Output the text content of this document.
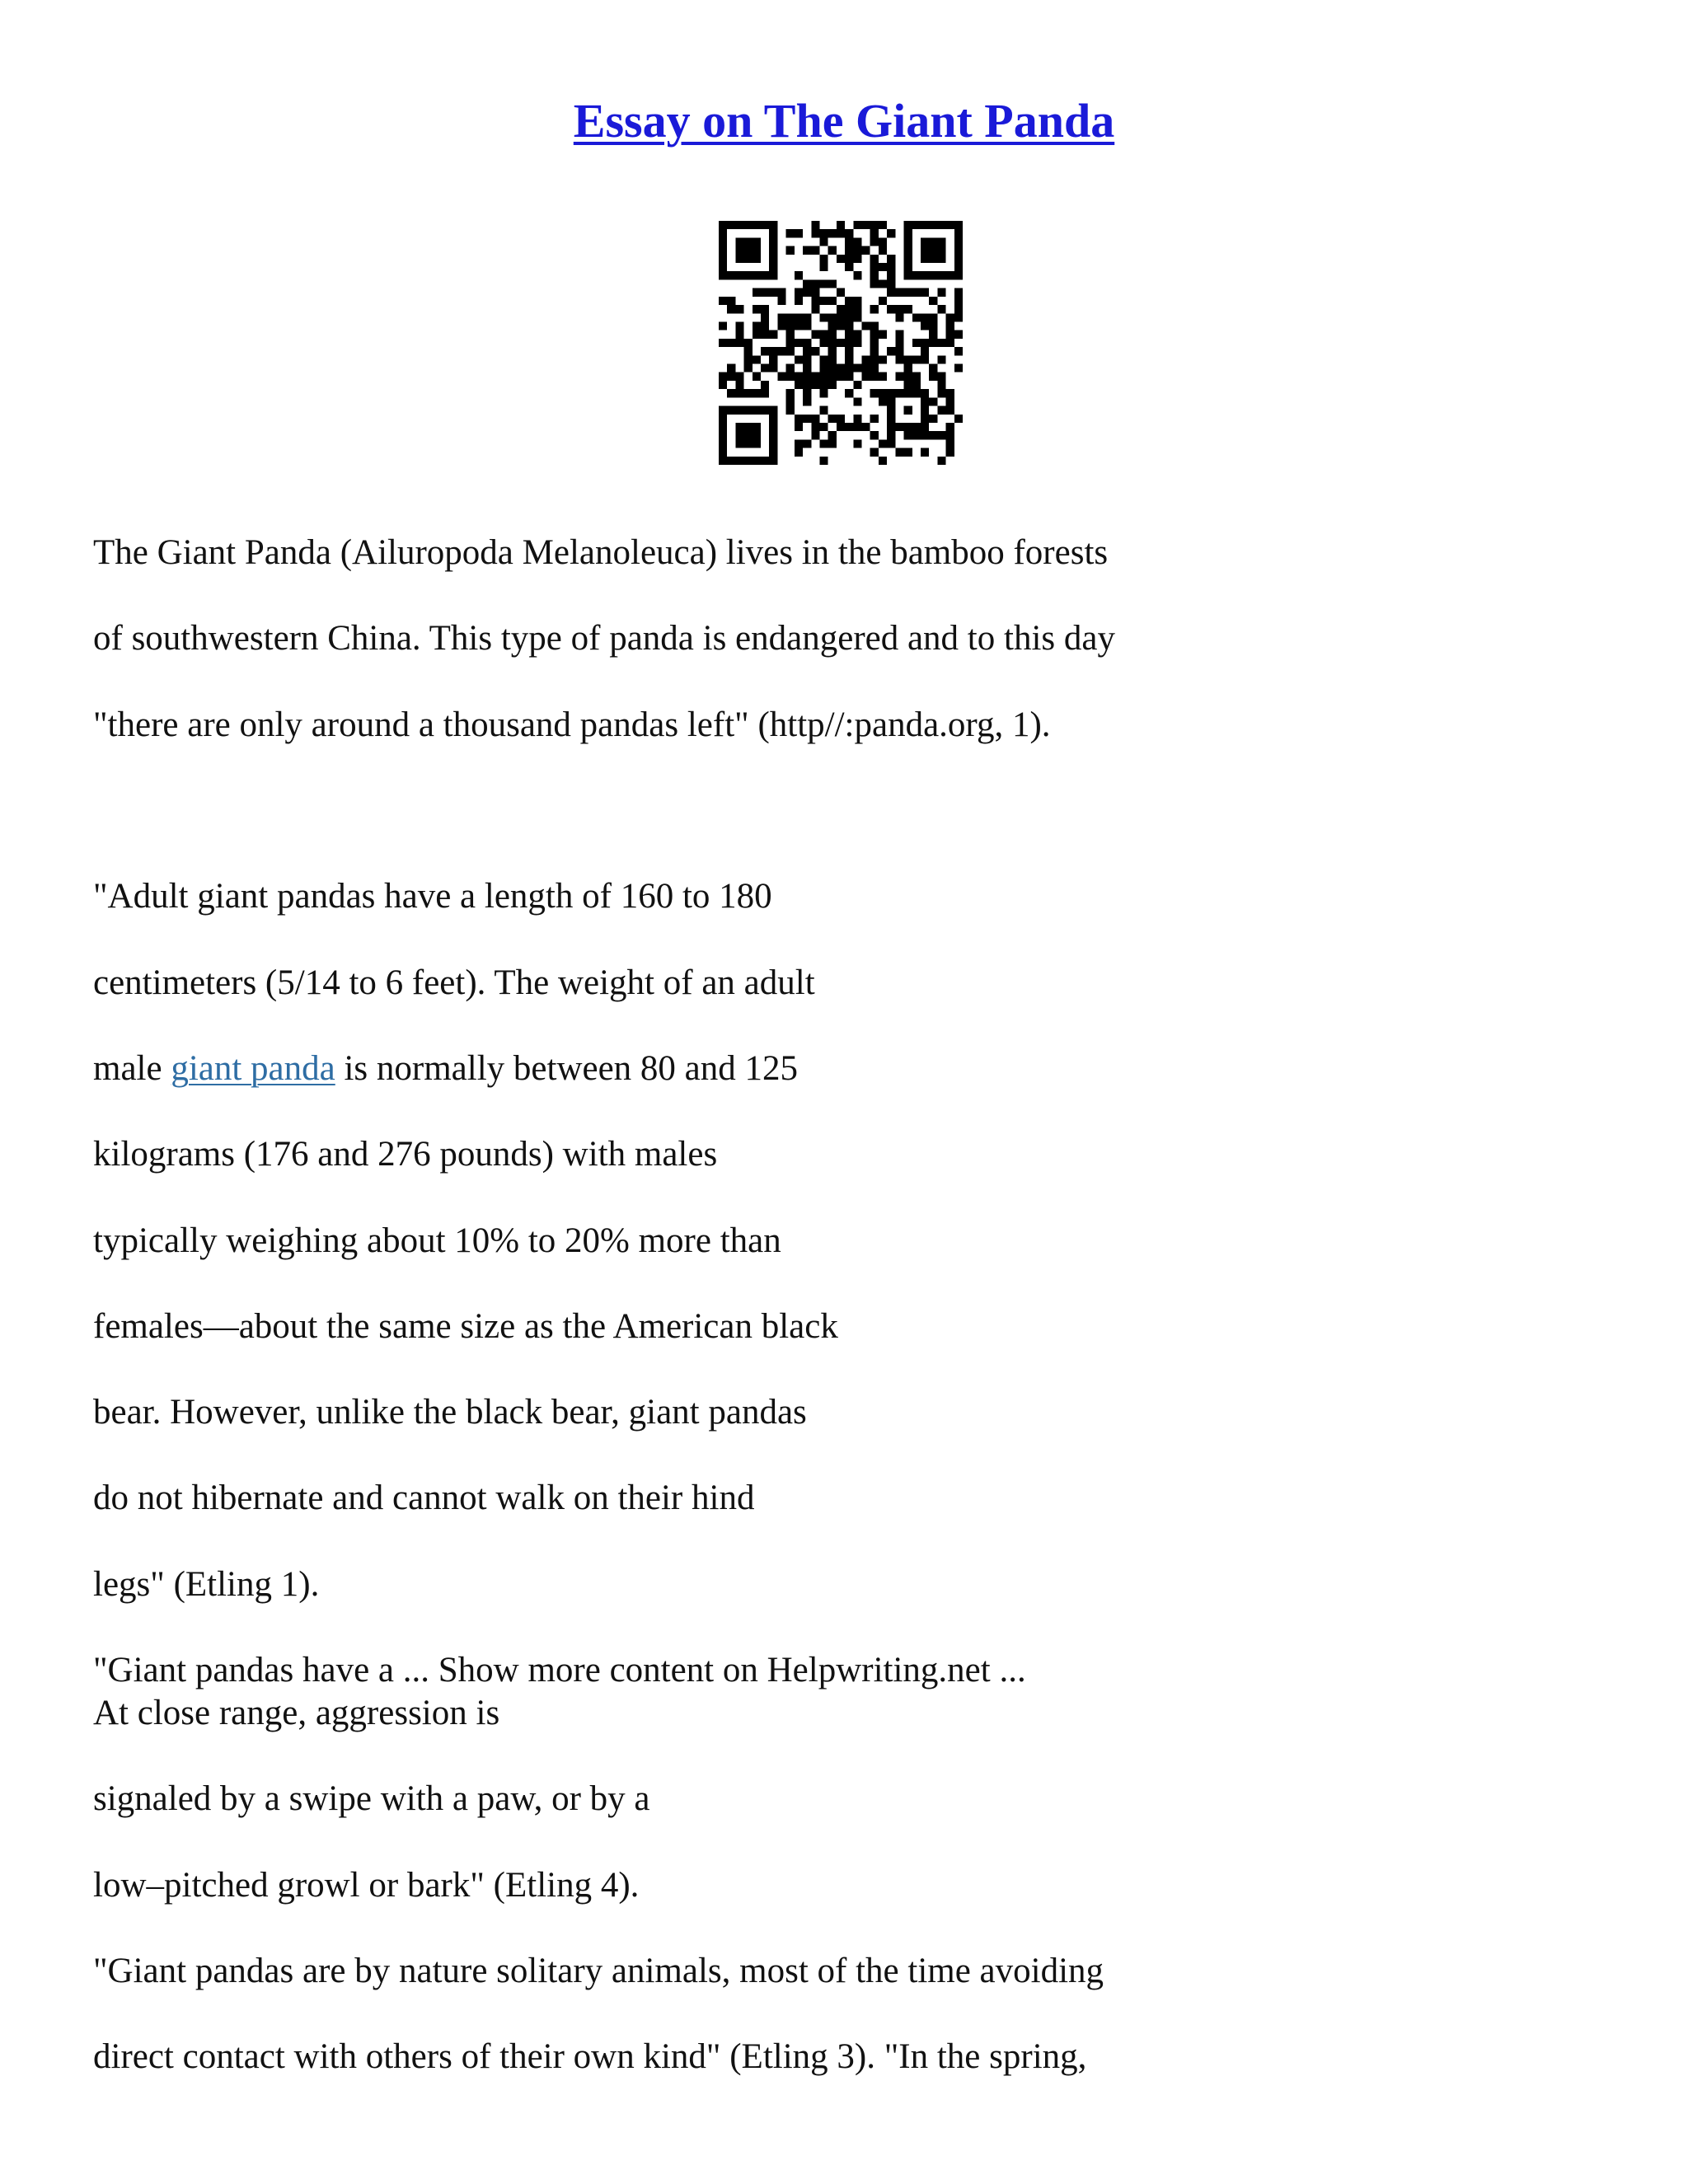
Essay on The Giant Panda
The Giant Panda (Ailuropoda Melanoleuca) lives in the bamboo forests
of southwestern China. This type of panda is endangered and to this day
"there are only around a thousand pandas left" (http//:panda.org, 1).
"Adult giant pandas have a length of 160 to 180
centimeters (5/14 to 6 feet). The weight of an adult
male giant panda is normally between 80 and 125
kilograms (176 and 276 pounds) with males
typically weighing about 10% to 20% more than
females—about the same size as the American black
bear. However, unlike the black bear, giant pandas
do not hibernate and cannot walk on their hind
legs" (Etling 1).
"Giant pandas have a ... Show more content on Helpwriting.net ...
At close range, aggression is
signaled by a swipe with a paw, or by a
low–pitched growl or bark" (Etling 4).
"Giant pandas are by nature solitary animals, most of the time avoiding
direct contact with others of their own kind" (Etling 3). "In the spring,
